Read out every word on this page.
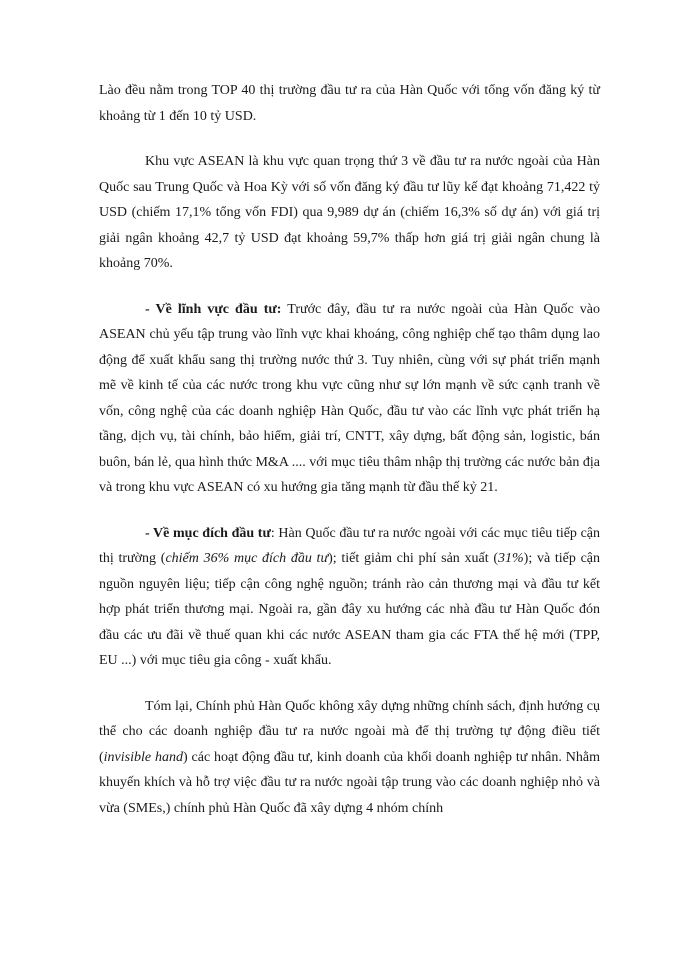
Lào đều nằm trong TOP 40 thị trường đầu tư ra của Hàn Quốc với tổng vốn đăng ký từ khoảng từ 1 đến 10 tỷ USD.

Khu vực ASEAN là khu vực quan trọng thứ 3 về đầu tư ra nước ngoài của Hàn Quốc sau Trung Quốc và Hoa Kỳ với số vốn đăng ký đầu tư lũy kế đạt khoảng 71,422 tỷ USD (chiếm 17,1% tổng vốn FDI) qua 9,989 dự án (chiếm 16,3% số dự án) với giá trị giải ngân khoảng 42,7 tỷ USD đạt khoảng 59,7% thấp hơn giá trị giải ngân chung là khoảng 70%.

- Về lĩnh vực đầu tư: Trước đây, đầu tư ra nước ngoài của Hàn Quốc vào ASEAN chủ yếu tập trung vào lĩnh vực khai khoáng, công nghiệp chế tạo thâm dụng lao động để xuất khẩu sang thị trường nước thứ 3. Tuy nhiên, cùng với sự phát triển mạnh mẽ về kinh tế của các nước trong khu vực cũng như sự lớn mạnh về sức cạnh tranh về vốn, công nghệ của các doanh nghiệp Hàn Quốc, đầu tư vào các lĩnh vực phát triển hạ tầng, dịch vụ, tài chính, bảo hiểm, giải trí, CNTT, xây dựng, bất động sản, logistic, bán buôn, bán lẻ, qua hình thức M&A .... với mục tiêu thâm nhập thị trường các nước bản địa và trong khu vực ASEAN có xu hướng gia tăng mạnh từ đầu thế kỷ 21.

- Về mục đích đầu tư: Hàn Quốc đầu tư ra nước ngoài với các mục tiêu tiếp cận thị trường (chiếm 36% mục đích đầu tư); tiết giảm chi phí sản xuất (31%); và tiếp cận nguồn nguyên liệu; tiếp cận công nghệ nguồn; tránh rào cản thương mại và đầu tư kết hợp phát triển thương mại. Ngoài ra, gần đây xu hướng các nhà đầu tư Hàn Quốc đón đầu các ưu đãi về thuế quan khi các nước ASEAN tham gia các FTA thế hệ mới (TPP, EU ...) với mục tiêu gia công - xuất khẩu.

Tóm lại, Chính phủ Hàn Quốc không xây dựng những chính sách, định hướng cụ thể cho các doanh nghiệp đầu tư ra nước ngoài mà để thị trường tự động điều tiết (invisible hand) các hoạt động đầu tư, kinh doanh của khối doanh nghiệp tư nhân. Nhằm khuyến khích và hỗ trợ việc đầu tư ra nước ngoài tập trung vào các doanh nghiệp nhỏ và vừa (SMEs,) chính phủ Hàn Quốc đã xây dựng 4 nhóm chính
